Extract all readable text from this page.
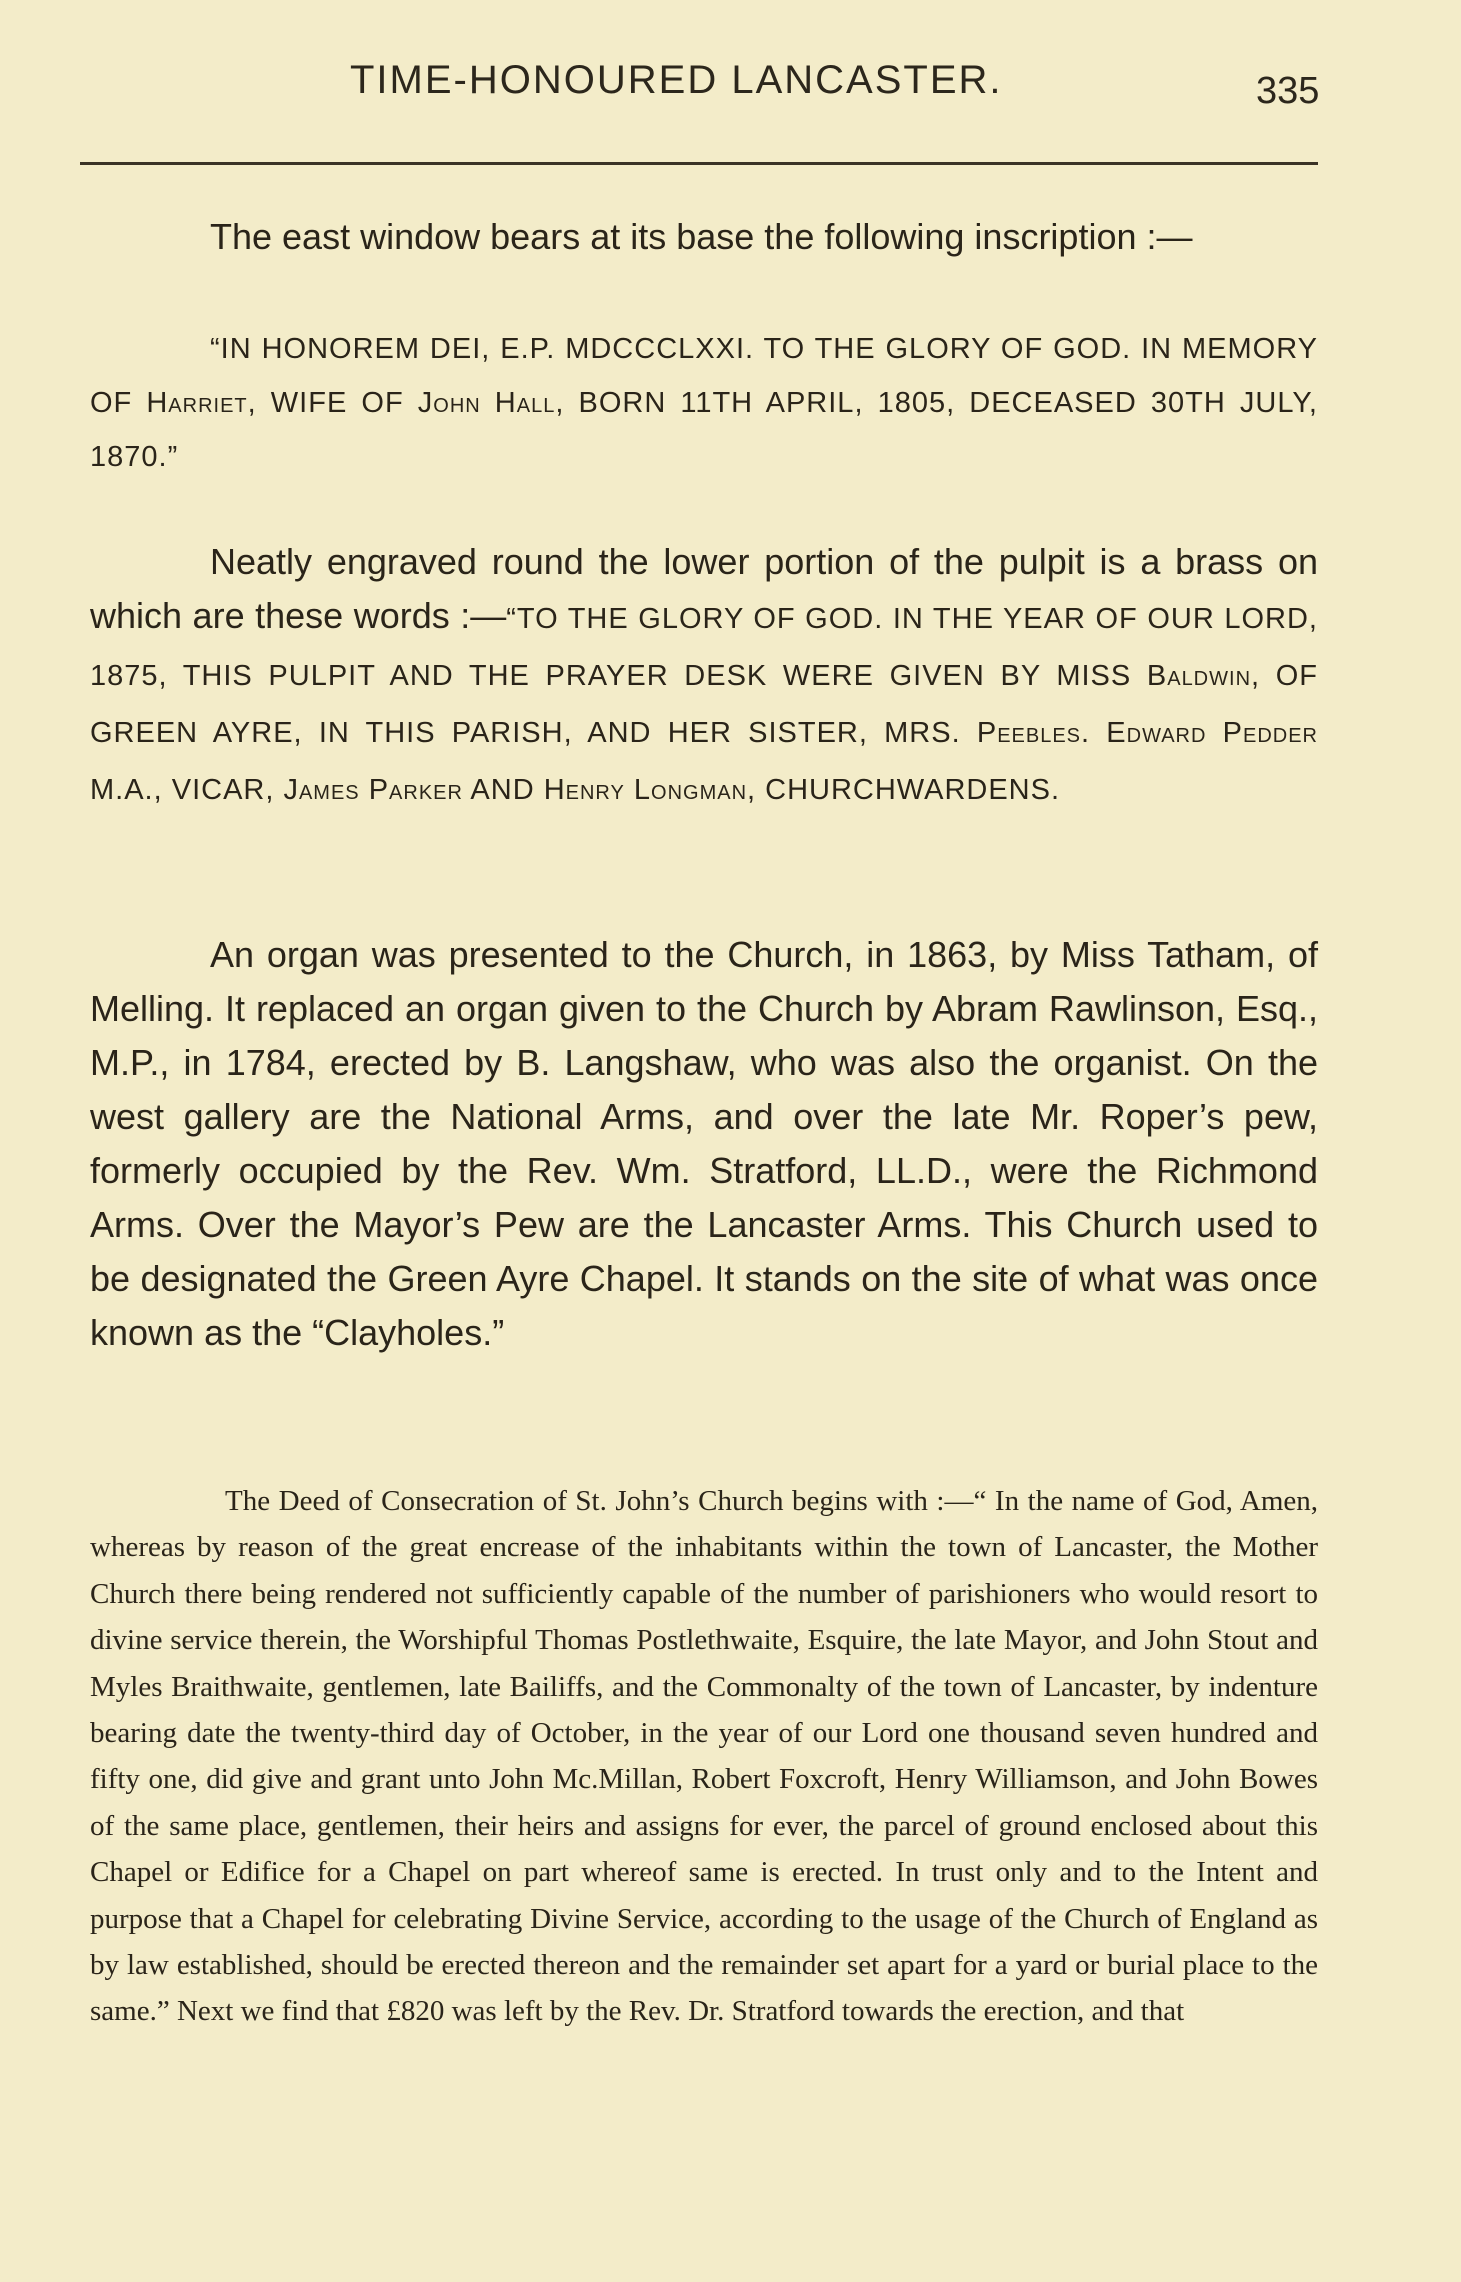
TIME-HONOURED LANCASTER.	335

The east window bears at its base the following inscription :—

“IN HONOREM DEI, E.P. MDCCCLXXI. TO THE GLORY OF GOD. IN MEMORY OF Harriet, WIFE OF John Hall, BORN 11TH APRIL, 1805, DECEASED 30TH JULY, 1870.”

Neatly engraved round the lower portion of the pulpit is a brass on which are these words :—“TO THE GLORY OF GOD. IN THE YEAR OF OUR LORD, 1875, THIS PULPIT AND THE PRAYER DESK WERE GIVEN BY MISS Baldwin, OF GREEN AYRE, IN THIS PARISH, AND HER SISTER, MRS. Peebles. Edward Pedder M.A., VICAR, James Parker AND Henry Longman, CHURCHWARDENS.

An organ was presented to the Church, in 1863, by Miss Tatham, of Melling. It replaced an organ given to the Church by Abram Rawlinson, Esq., M.P., in 1784, erected by B. Langshaw, who was also the organist. On the west gallery are the National Arms, and over the late Mr. Roper’s pew, formerly occupied by the Rev. Wm. Stratford, LL.D., were the Richmond Arms. Over the Mayor’s Pew are the Lancaster Arms. This Church used to be designated the Green Ayre Chapel. It stands on the site of what was once known as the “Clayholes.”

The Deed of Consecration of St. John’s Church begins with :—“ In the name of God, Amen, whereas by reason of the great encrease of the inhabitants within the town of Lancaster, the Mother Church there being rendered not sufficiently capable of the number of parishioners who would resort to divine service therein, the Worshipful Thomas Postlethwaite, Esquire, the late Mayor, and John Stout and Myles Braithwaite, gentlemen, late Bailiffs, and the Commonalty of the town of Lancaster, by indenture bearing date the twenty-third day of October, in the year of our Lord one thousand seven hundred and fifty one, did give and grant unto John Mc.Millan, Robert Foxcroft, Henry Williamson, and John Bowes of the same place, gentlemen, their heirs and assigns for ever, the parcel of ground enclosed about this Chapel or Edifice for a Chapel on part whereof same is erected. In trust only and to the Intent and purpose that a Chapel for celebrating Divine Service, according to the usage of the Church of England as by law established, should be erected thereon and the remainder set apart for a yard or burial place to the same.” Next we find that £820 was left by the Rev. Dr. Stratford towards the erection, and that
